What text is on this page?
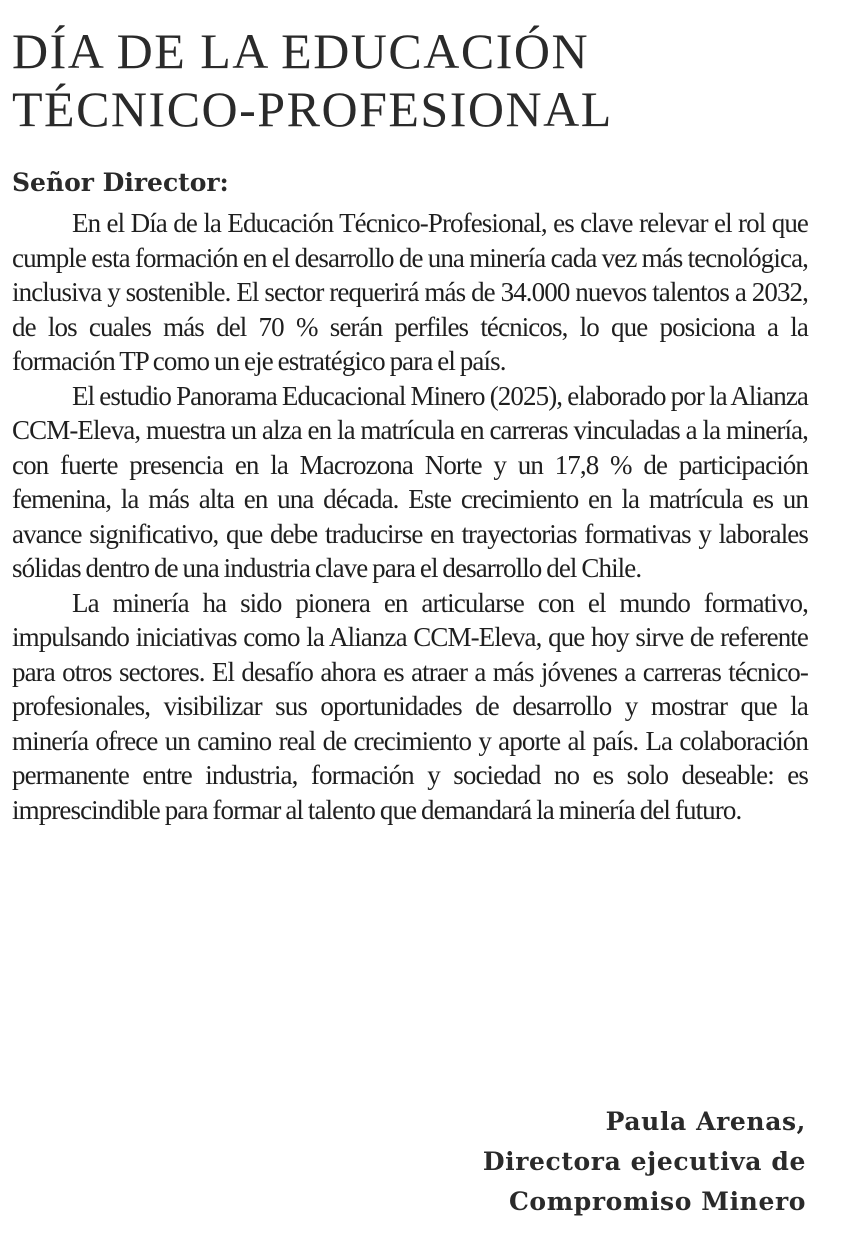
DÍA DE LA EDUCACIÓN
TÉCNICO-PROFESIONAL
Señor Director:

En el Día de la Educación Técnico-Profesional, es clave relevar el rol que cumple esta formación en el desarrollo de una minería cada vez más tecnológica, inclusiva y sostenible. El sector requerirá más de 34.000 nuevos talentos a 2032, de los cuales más del 70 % serán perfiles técnicos, lo que posiciona a la formación TP como un eje estratégico para el país.

El estudio Panorama Educacional Minero (2025), elaborado por la Alianza CCM-Eleva, muestra un alza en la matrícula en carreras vinculadas a la minería, con fuerte presencia en la Macrozona Norte y un 17,8 % de participación femenina, la más alta en una década. Este crecimiento en la matrícula es un avance significativo, que debe traducirse en trayectorias formativas y laborales sólidas dentro de una industria clave para el desarrollo del Chile.

La minería ha sido pionera en articularse con el mundo formativo, impulsando iniciativas como la Alianza CCM-Eleva, que hoy sirve de referente para otros sectores. El desafío ahora es atraer a más jóvenes a carreras técnico-profesionales, visibilizar sus oportunidades de desarrollo y mostrar que la minería ofrece un camino real de crecimiento y aporte al país. La colaboración permanente entre industria, formación y sociedad no es solo deseable: es imprescindible para formar al talento que demandará la minería del futuro.

Paula Arenas,
Directora ejecutiva de
Compromiso Minero
